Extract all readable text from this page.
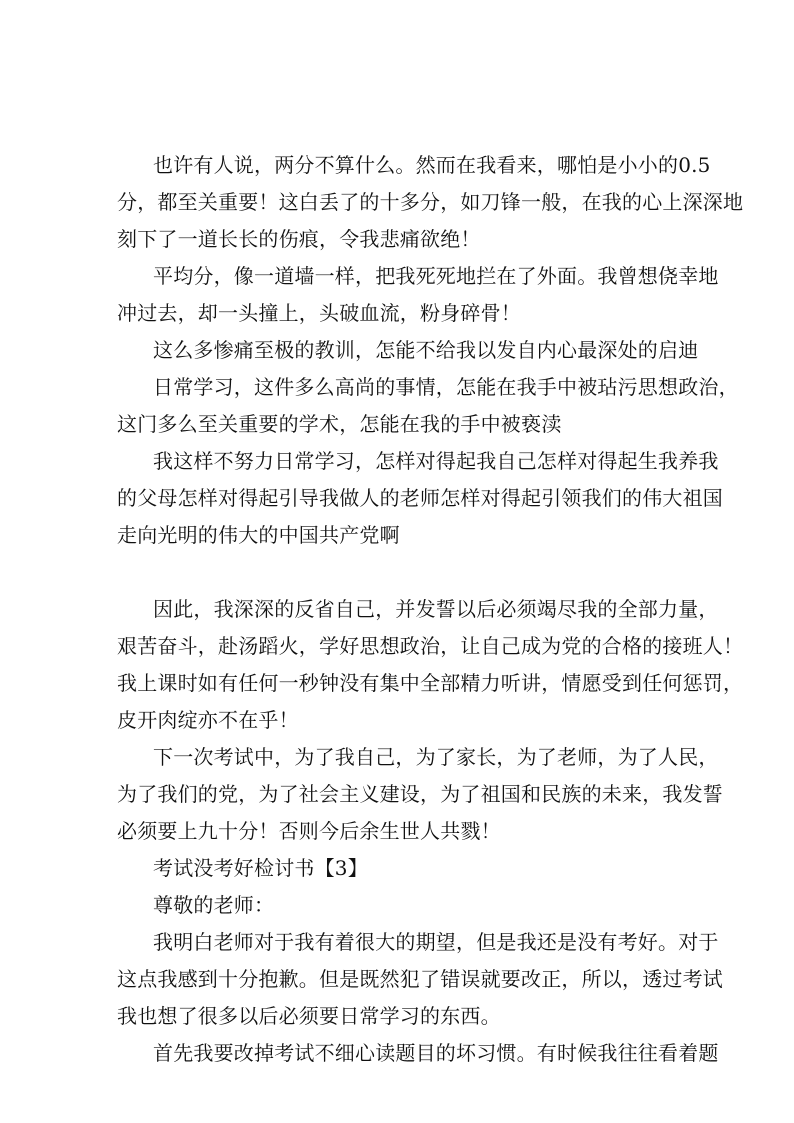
也许有人说，两分不算什么。然而在我看来，哪怕是小小的0.5
分，都至关重要！这白丢了的十多分，如刀锋一般，在我的心上深深地
刻下了一道长长的伤痕，令我悲痛欲绝！
平均分，像一道墙一样，把我死死地拦在了外面。我曾想侥幸地
冲过去，却一头撞上，头破血流，粉身碎骨！
这么多惨痛至极的教训，怎能不给我以发自内心最深处的启迪
日常学习，这件多么高尚的事情，怎能在我手中被玷污思想政治，
这门多么至关重要的学术，怎能在我的手中被亵渎
我这样不努力日常学习，怎样对得起我自己怎样对得起生我养我
的父母怎样对得起引导我做人的老师怎样对得起引领我们的伟大祖国
走向光明的伟大的中国共产党啊
因此，我深深的反省自己，并发誓以后必须竭尽我的全部力量，
艰苦奋斗，赴汤蹈火，学好思想政治，让自己成为党的合格的接班人！
我上课时如有任何一秒钟没有集中全部精力听讲，情愿受到任何惩罚，
皮开肉绽亦不在乎！
下一次考试中，为了我自己，为了家长，为了老师，为了人民，
为了我们的党，为了社会主义建设，为了祖国和民族的未来，我发誓
必须要上九十分！否则今后余生世人共戮！
考试没考好检讨书【3】
尊敬的老师：
我明白老师对于我有着很大的期望，但是我还是没有考好。对于
这点我感到十分抱歉。但是既然犯了错误就要改正，所以，透过考试
我也想了很多以后必须要日常学习的东西。
首先我要改掉考试不细心读题目的坏习惯。有时候我往往看着题
